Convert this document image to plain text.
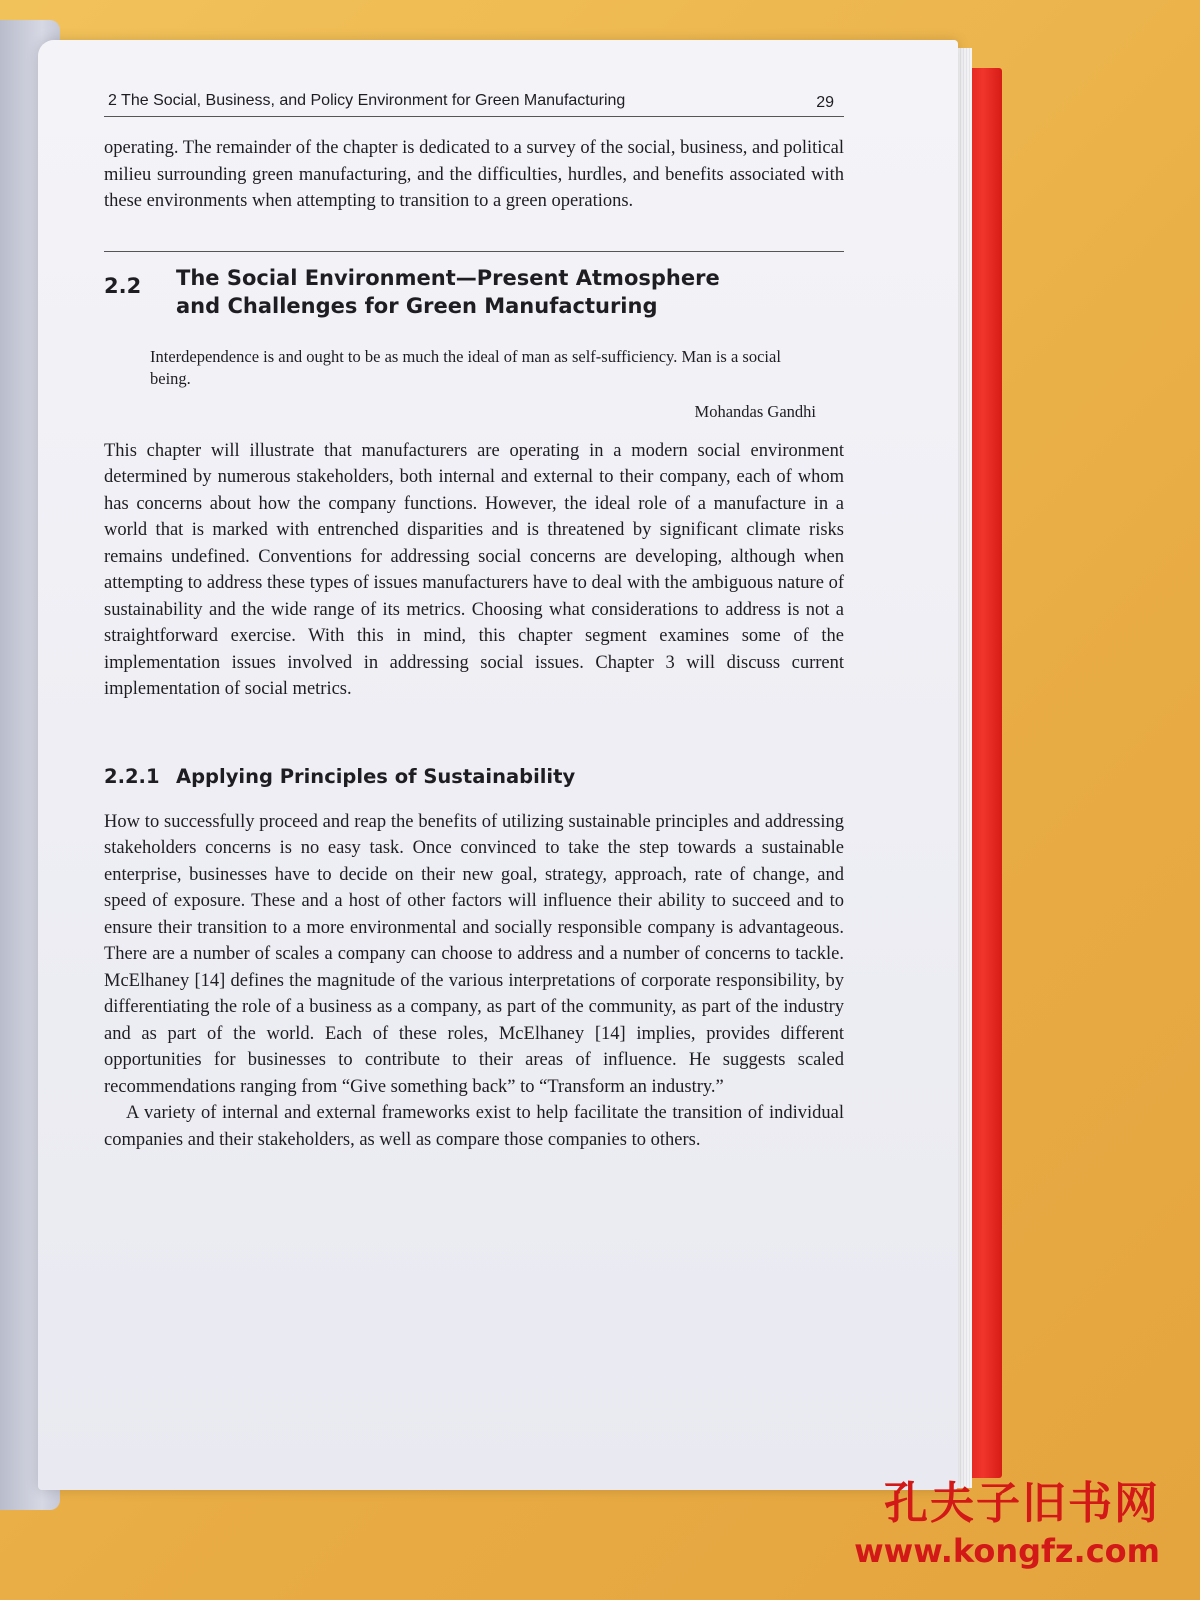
2 The Social, Business, and Policy Environment for Green Manufacturing	29

operating. The remainder of the chapter is dedicated to a survey of the social, business, and political milieu surrounding green manufacturing, and the difficulties, hurdles, and benefits associated with these environments when attempting to transition to a green operations.

2.2 The Social Environment—Present Atmosphere
and Challenges for Green Manufacturing
Interdependence is and ought to be as much the ideal of man as self-sufficiency. Man is a social being.
Mohandas Gandhi

This chapter will illustrate that manufacturers are operating in a modern social environment determined by numerous stakeholders, both internal and external to their company, each of whom has concerns about how the company functions. However, the ideal role of a manufacture in a world that is marked with entrenched disparities and is threatened by significant climate risks remains undefined. Conventions for addressing social concerns are developing, although when attempting to address these types of issues manufacturers have to deal with the ambiguous nature of sustainability and the wide range of its metrics. Choosing what considerations to address is not a straightforward exercise. With this in mind, this chapter segment examines some of the implementation issues involved in addressing social issues. Chapter 3 will discuss current implementation of social metrics.

2.2.1 Applying Principles of Sustainability

How to successfully proceed and reap the benefits of utilizing sustainable principles and addressing stakeholders concerns is no easy task. Once convinced to take the step towards a sustainable enterprise, businesses have to decide on their new goal, strategy, approach, rate of change, and speed of exposure. These and a host of other factors will influence their ability to succeed and to ensure their transition to a more environmental and socially responsible company is advantageous. There are a number of scales a company can choose to address and a number of concerns to tackle. McElhaney [14] defines the magnitude of the various interpretations of corporate responsibility, by differentiating the role of a business as a company, as part of the community, as part of the industry and as part of the world. Each of these roles, McElhaney [14] implies, provides different opportunities for businesses to contribute to their areas of influence. He suggests scaled recommendations ranging from “Give something back” to “Transform an industry.”

A variety of internal and external frameworks exist to help facilitate the transition of individual companies and their stakeholders, as well as compare those companies to others.

孔夫子旧书网
www.kongfz.com
